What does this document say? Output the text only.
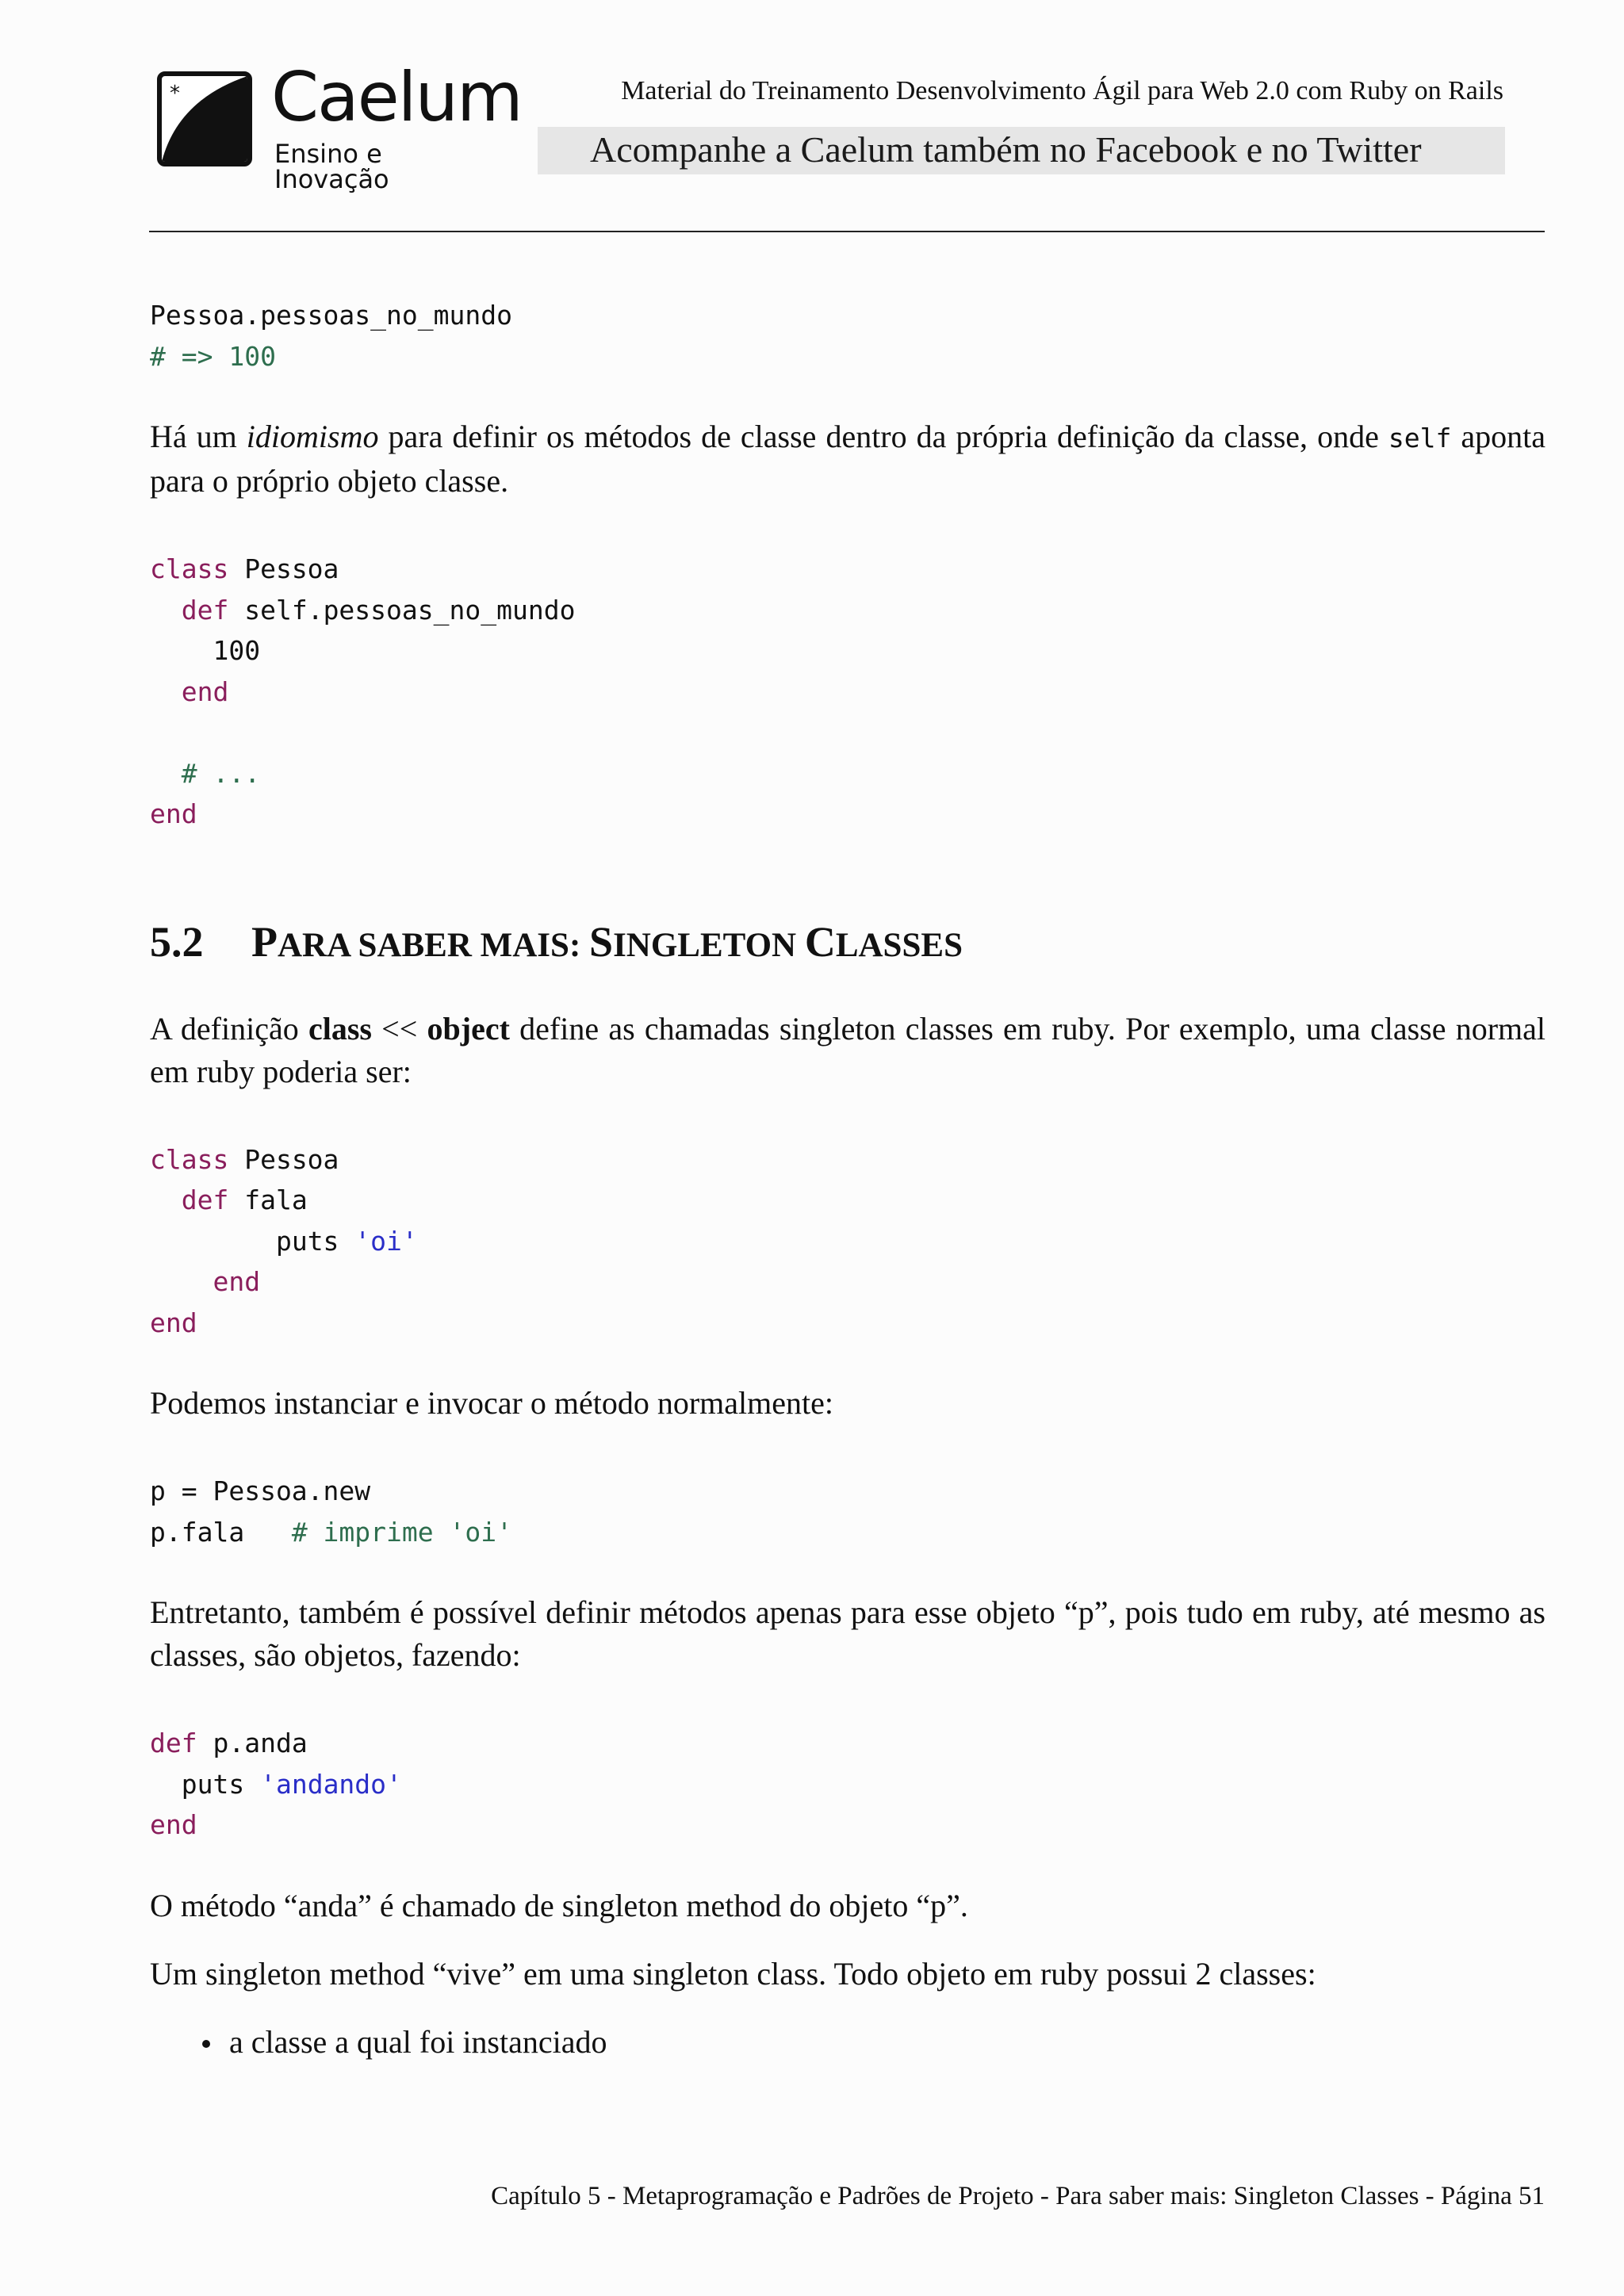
* Caelum
Ensino e Inovação
Material do Treinamento Desenvolvimento Ágil para Web 2.0 com Ruby on Rails
Acompanhe a Caelum também no Facebook e no Twitter
Pessoa.pessoas_no_mundo
# => 100

Há um idiomismo para definir os métodos de classe dentro da própria definição da classe, onde self aponta para o próprio objeto classe.

class Pessoa
def self.pessoas_no_mundo
100
end

# ...
end
5.2 PARA SABER MAIS: SINGLETON CLASSES

A definição class << object define as chamadas singleton classes em ruby. Por exemplo, uma classe normal em ruby poderia ser:

class Pessoa
def fala
puts 'oi'
end
end

Podemos instanciar e invocar o método normalmente:

p = Pessoa.new
p.fala   # imprime 'oi'

Entretanto, também é possível definir métodos apenas para esse objeto “p”, pois tudo em ruby, até mesmo as classes, são objetos, fazendo:

def p.anda
puts 'andando'
end

O método “anda” é chamado de singleton method do objeto “p”.

Um singleton method “vive” em uma singleton class. Todo objeto em ruby possui 2 classes:

a classe a qual foi instanciado
Capítulo 5 - Metaprogramação e Padrões de Projeto - Para saber mais: Singleton Classes - Página 51
